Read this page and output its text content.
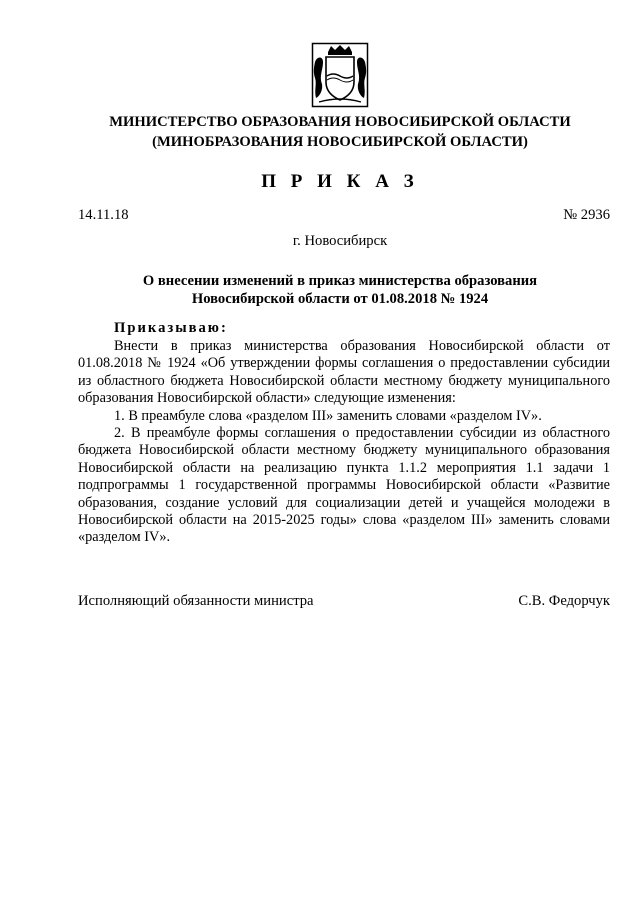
МИНИСТЕРСТВО ОБРАЗОВАНИЯ НОВОСИБИРСКОЙ ОБЛАСТИ
(МИНОБРАЗОВАНИЯ НОВОСИБИРСКОЙ ОБЛАСТИ)
П Р И К А З
14.11.18	№ 2936
г. Новосибирск
О внесении изменений в приказ министерства образования
Новосибирской области от 01.08.2018 № 1924
Приказываю:

Внести в приказ министерства образования Новосибирской области от 01.08.2018 № 1924 «Об утверждении формы соглашения о предоставлении субсидии из областного бюджета Новосибирской области местному бюджету муниципального образования Новосибирской области» следующие изменения:

1. В преамбуле слова «разделом III» заменить словами «разделом IV».

2. В преамбуле формы соглашения о предоставлении субсидии из областного бюджета Новосибирской области местному бюджету муниципального образования Новосибирской области на реализацию пункта 1.1.2 мероприятия 1.1 задачи 1 подпрограммы 1 государственной программы Новосибирской области «Развитие образования, создание условий для социализации детей и учащейся молодежи в Новосибирской области на 2015-2025 годы» слова «разделом III» заменить словами «разделом IV».

Исполняющий обязанности министра	С.В. Федорчук
